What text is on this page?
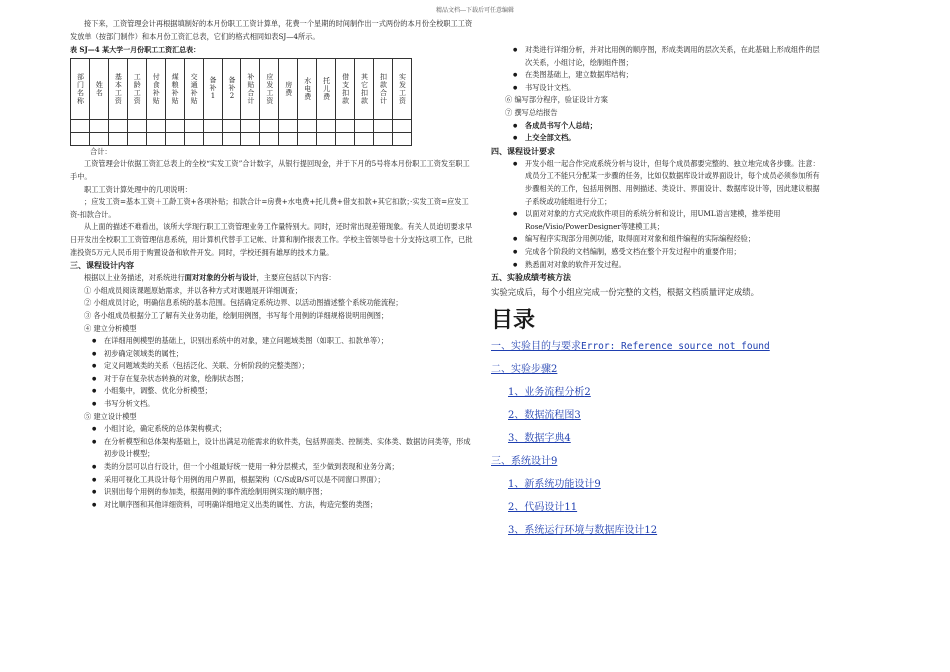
精品文档---下载后可任意编辑

接下来，工资管理会计再根据填制好的本月份职工工资计算单，花费一个星期的时间制作出一式两份的本月份全校职工工资发放单（按部门制作）和本月份工资汇总表，它们的格式相同如表SJ—4所示。

表 SJ—4 某大学一月份职工工资汇总表：

部门名称	姓名	基本工资	工龄工资	付食补贴	煤粮补贴	交通补贴	备补1	备补2	补贴合计	应发工资	房费	水电费	托儿费	借支扣款	其它扣款	扣款合计	实发工资

合计：

工资管理会计依据工资汇总表上的全校“实发工资”合计数字，从银行提回现金，并于下月的5号将本月份职工工资发至职工手中。

职工工资计算处理中的几项说明：

；应发工资=基本工资＋工龄工资+各项补贴；扣款合计=房费+水电费+托儿费+借支扣款+其它扣款；·实发工资=应发工资-扣款合计。

从上面的描述不难看出，该所大学现行职工工资管理业务工作量特别大。同时，还时常出现差错现象。有关人员迫切要求早日开发出全校职工工资管理信息系统，用计算机代替手工记帐、计算和制作报表工作。学校主管领导也十分支持这项工作，已批准投资5万元人民币用于购置设备和软件开发。同时，学校还拥有雄厚的技术力量。

三、课程设计内容

根据以上业务描述，对系统进行面对对象的分析与设计，主要应包括以下内容：

① 小组成员阅读课题原始需求，并以各种方式对课题展开详细调查；

② 小组成员讨论，明确信息系统的基本范围。包括确定系统边界、以活动图描述整个系统功能流程；

③ 各小组成员根据分工了解有关业务功能，绘制用例图，书写每个用例的详细规格说明用例图；

④ 建立分析模型

● 在详细用例模型的基础上，识别出系统中的对象，建立问题域类图（如职工、扣款单等）；
● 初步确定领域类的属性；
● 定义问题域类的关系（包括泛化、关联、分析阶段的完整类图）；
● 对于存在复杂状态转换的对象，绘制状态图；
● 小组集中，调整、优化分析模型；
● 书写分析文档。

⑤ 建立设计模型

● 小组讨论，确定系统的总体架构模式；
● 在分析模型和总体架构基础上，设计出满足功能需求的软件类，包括界面类、控制类、实体类、数据访问类等，形成初步设计模型；
● 类的分层可以自行设计，但一个小组最好统一使用一种分层模式，至少做到表现和业务分离；
● 采用可视化工具设计每个用例的用户界面，根据架构（C/S或B/S可以是不同窗口界面）；
● 识别出每个用例的参加类，根据用例的事件流绘制用例实现的顺序图；
● 对比顺序图和其他详细资料，可明确详细地定义出类的属性、方法，构造完整的类图；
● 对类进行详细分析，并对比用例的顺序图，形成类调用的层次关系，在此基础上形成组件的层次关系，小组讨论，绘制组件图；
● 在类图基础上，建立数据库结构；
● 书写设计文档。

⑥ 编写部分程序，验证设计方案

⑦ 撰写总结报告

● 各成员书写个人总结；
● 上交全部文档。

四、课程设计要求

● 开发小组一起合作完成系统分析与设计，但每个成员都要完整的、独立地完成各步骤。注意：成员分工不能只分配某一步骤的任务，比如仅数据库设计或界面设计，每个成员必须参加所有步骤相关的工作，包括用例图、用例描述、类设计、界面设计、数据库设计等，因此建议根据子系统或功能组进行分工；
● 以面对对象的方式完成软件项目的系统分析和设计，用UML语言建模，推举使用Rose/Visio/PowerDesigner等建模工具；
● 编写程序实现部分用例功能，取得面对对象和组件编程的实际编程经验；
● 完成各个阶段的文档编制，感受文档在整个开发过程中的重要作用；
● 熟悉面对对象的软件开发过程。

五、实验成绩考核方法

实验完成后，每个小组应完成一份完整的文档，根据文档质量评定成绩。

目录
一、实验目的与要求Error: Reference source not found
二、实验步骤2
1、业务流程分析2
2、数据流程图3
3、数据字典4
三、系统设计9
1、新系统功能设计9
2、代码设计11
3、系统运行环境与数据库设计12
